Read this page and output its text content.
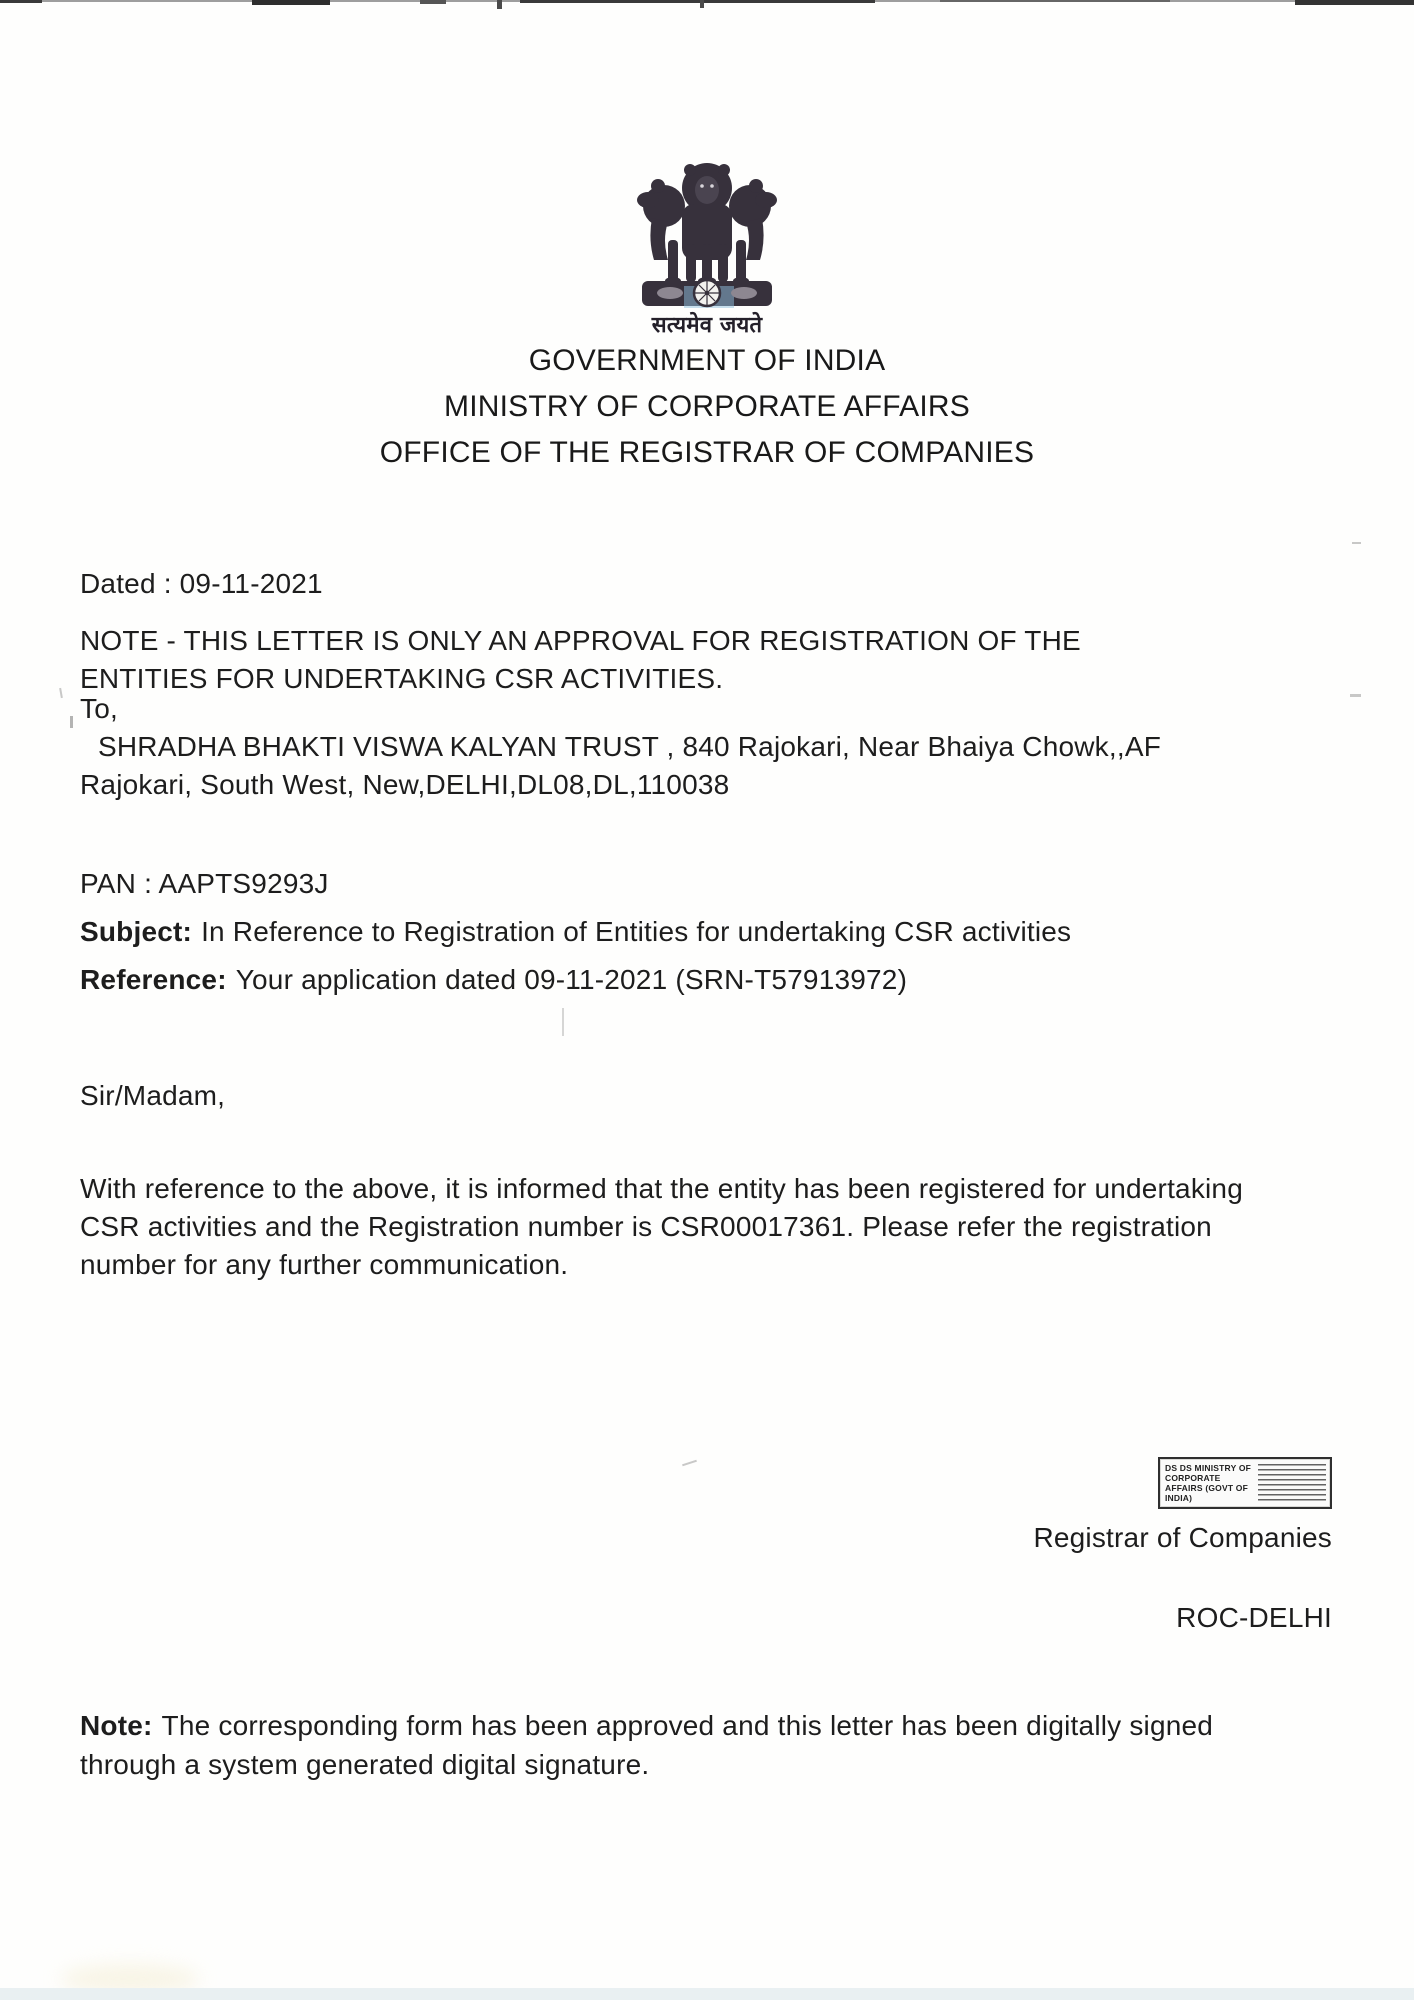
सत्यमेव जयते
GOVERNMENT OF INDIA
MINISTRY OF CORPORATE AFFAIRS
OFFICE OF THE REGISTRAR OF COMPANIES

Dated : 09-11-2021

NOTE - THIS LETTER IS ONLY AN APPROVAL FOR REGISTRATION OF THE
ENTITIES FOR UNDERTAKING CSR ACTIVITIES.

To,
SHRADHA BHAKTI VISWA KALYAN TRUST , 840 Rajokari, Near Bhaiya Chowk,,AF
Rajokari, South West, New,DELHI,DL08,DL,110038

PAN : AAPTS9293J

Subject: In Reference to Registration of Entities for undertaking CSR activities
Reference: Your application dated 09-11-2021 (SRN-T57913972)

Sir/Madam,

With reference to the above, it is informed that the entity has been registered for undertaking
CSR activities and the Registration number is CSR00017361. Please refer the registration
number for any further communication.

DS DS MINISTRY OF CORPORATE AFFAIRS (GOVT OF INDIA)
Registrar of Companies
ROC-DELHI

Note: The corresponding form has been approved and this letter has been digitally signed
through a system generated digital signature.
